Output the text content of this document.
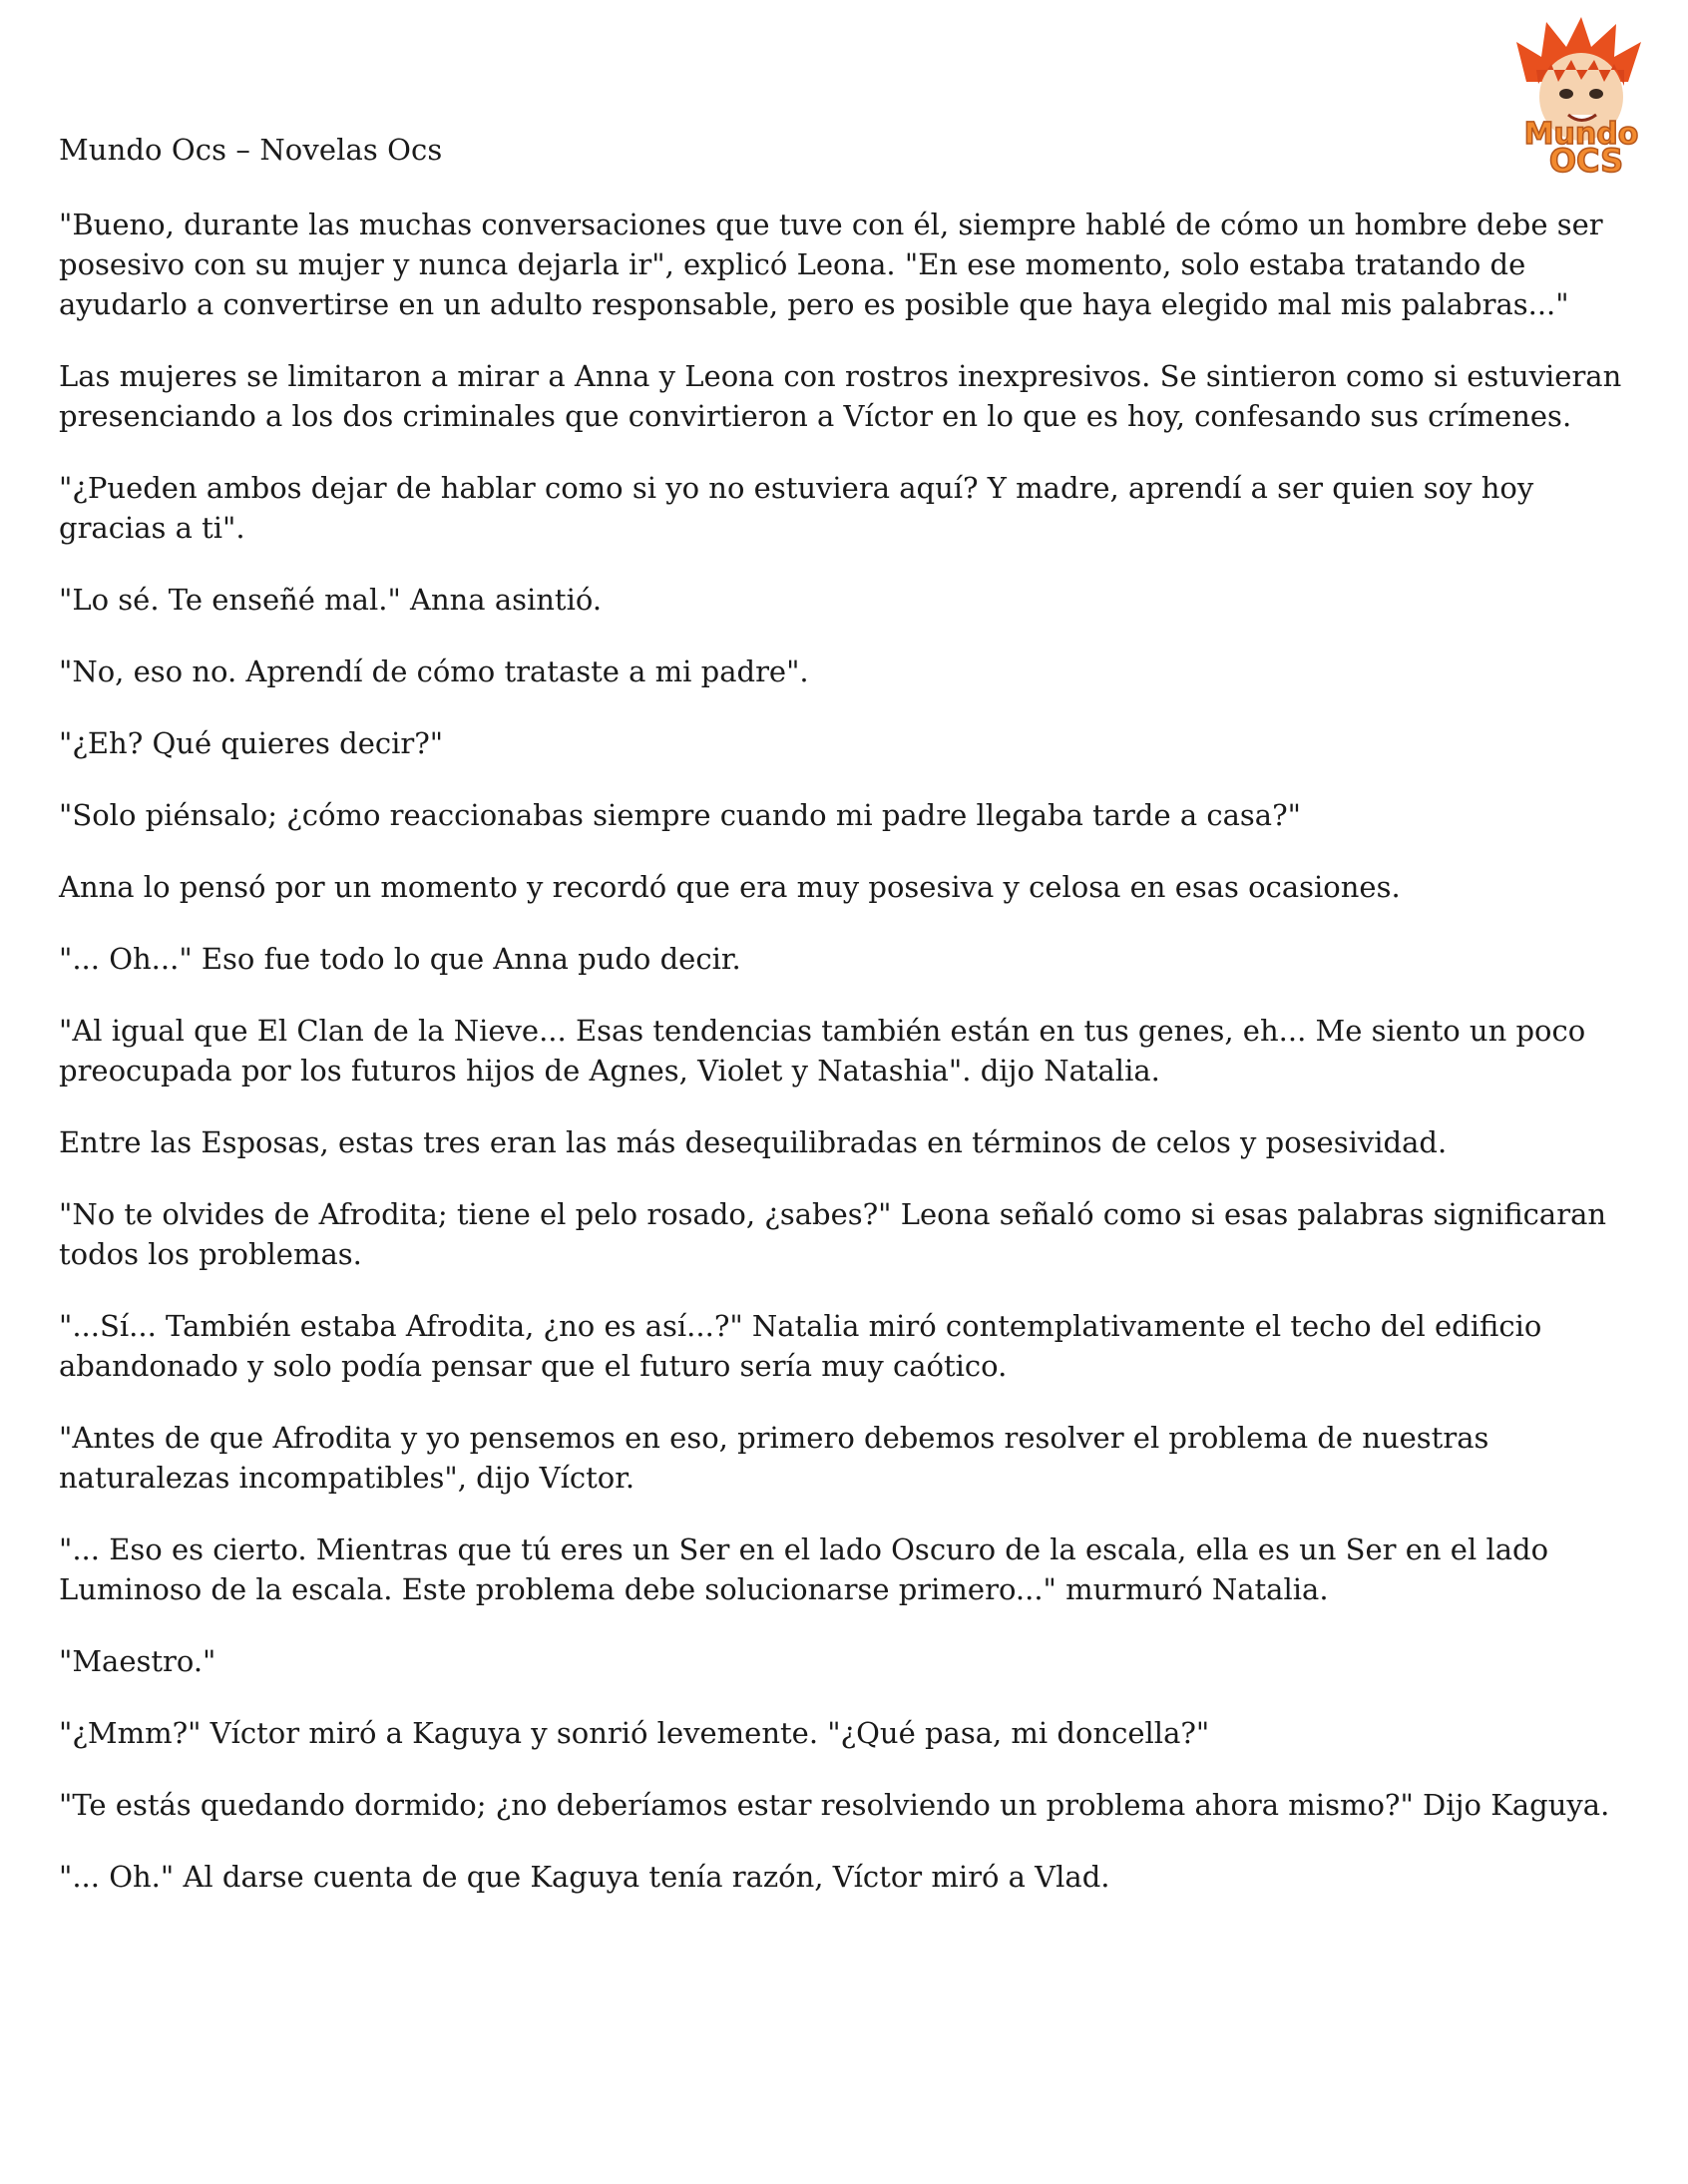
Mundo Ocs – Novelas Ocs	Mundo
OCS

"Bueno, durante las muchas conversaciones que tuve con él, siempre hablé de cómo un hombre debe ser posesivo con su mujer y nunca dejarla ir", explicó Leona. "En ese momento, solo estaba tratando de ayudarlo a convertirse en un adulto responsable, pero es posible que haya elegido mal mis palabras..."

Las mujeres se limitaron a mirar a Anna y Leona con rostros inexpresivos. Se sintieron como si estuvieran presenciando a los dos criminales que convirtieron a Víctor en lo que es hoy, confesando sus crímenes.

"¿Pueden ambos dejar de hablar como si yo no estuviera aquí? Y madre, aprendí a ser quien soy hoy gracias a ti".

"Lo sé. Te enseñé mal." Anna asintió.

"No, eso no. Aprendí de cómo trataste a mi padre".

"¿Eh? Qué quieres decir?"

"Solo piénsalo; ¿cómo reaccionabas siempre cuando mi padre llegaba tarde a casa?"

Anna lo pensó por un momento y recordó que era muy posesiva y celosa en esas ocasiones.

"... Oh..." Eso fue todo lo que Anna pudo decir.

"Al igual que El Clan de la Nieve... Esas tendencias también están en tus genes, eh... Me siento un poco preocupada por los futuros hijos de Agnes, Violet y Natashia". dijo Natalia.

Entre las Esposas, estas tres eran las más desequilibradas en términos de celos y posesividad.

"No te olvides de Afrodita; tiene el pelo rosado, ¿sabes?" Leona señaló como si esas palabras significaran todos los problemas.

"...Sí... También estaba Afrodita, ¿no es así...?" Natalia miró contemplativamente el techo del edificio abandonado y solo podía pensar que el futuro sería muy caótico.

"Antes de que Afrodita y yo pensemos en eso, primero debemos resolver el problema de nuestras naturalezas incompatibles", dijo Víctor.

"... Eso es cierto. Mientras que tú eres un Ser en el lado Oscuro de la escala, ella es un Ser en el lado Luminoso de la escala. Este problema debe solucionarse primero..." murmuró Natalia.

"Maestro."

"¿Mmm?" Víctor miró a Kaguya y sonrió levemente. "¿Qué pasa, mi doncella?"

"Te estás quedando dormido; ¿no deberíamos estar resolviendo un problema ahora mismo?" Dijo Kaguya.

"... Oh." Al darse cuenta de que Kaguya tenía razón, Víctor miró a Vlad.
